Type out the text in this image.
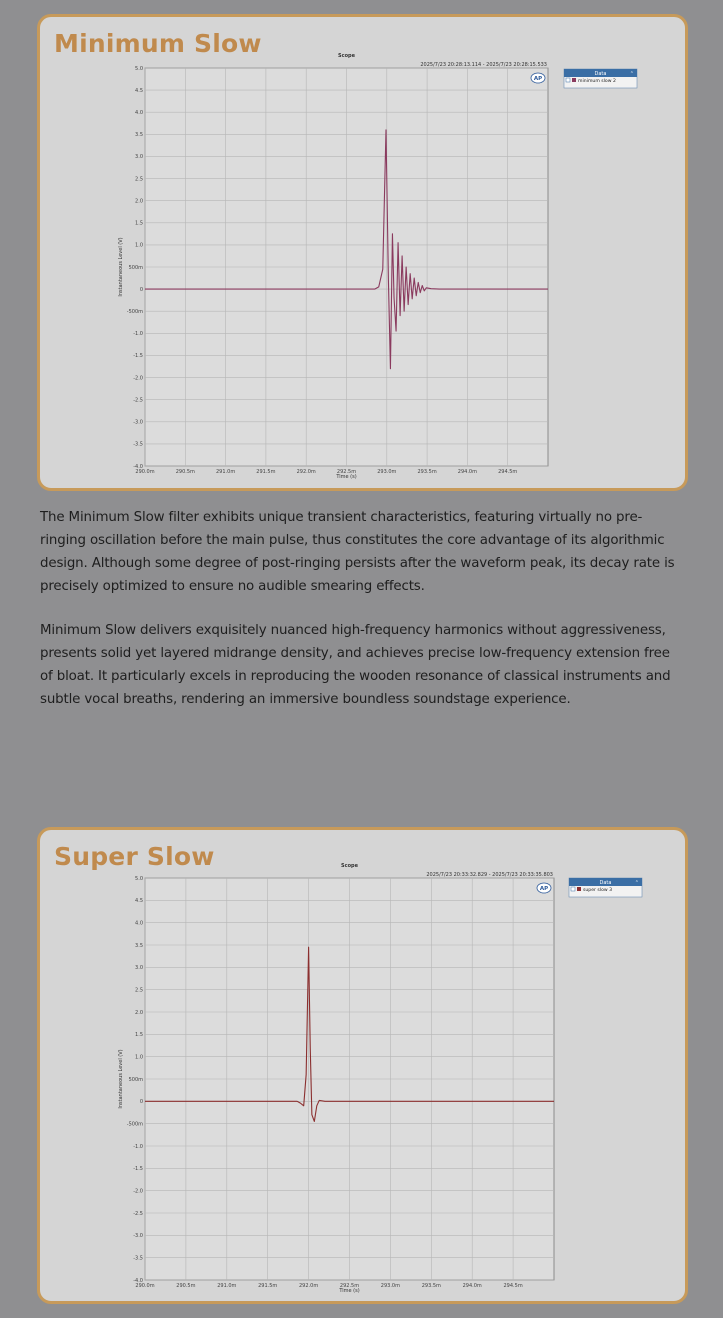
Minimum Slow
5.0
4.5
4.0
3.5
3.0
2.5
2.0
1.5
1.0
500m
0
-500m
-1.0
-1.5
-2.0
-2.5
-3.0
-3.5
-4.0
290.0m	290.5m	291.0m	291.5m	292.0m	292.5m	293.0m	293.5m	294.0m	294.5m
Time (s)
Instantaneous Level (V)
Scope
2025/7/23 20:28:13.114 - 2025/7/23 20:28:15.533
AP
Data	⌃
minimum slow 2

The Minimum Slow filter exhibits unique transient characteristics, featuring virtually no pre-ringing oscillation before the main pulse, thus constitutes the core advantage of its algorithmic design. Although some degree of post-ringing persists after the waveform peak, its decay rate is precisely optimized to ensure no audible smearing effects.

Minimum Slow delivers exquisitely nuanced high-frequency harmonics without aggressiveness, presents solid yet layered midrange density, and achieves precise low-frequency extension free of bloat. It particularly excels in reproducing the wooden resonance of classical instruments and subtle vocal breaths, rendering an immersive boundless soundstage experience.

Super Slow
5.0
4.5
4.0
3.5
3.0
2.5
2.0
1.5
1.0
500m
0
-500m
-1.0
-1.5
-2.0
-2.5
-3.0
-3.5
-4.0
290.0m	290.5m	291.0m	291.5m	292.0m	292.5m	293.0m	293.5m	294.0m	294.5m
Time (s)
Instantaneous Level (V)
Scope
2025/7/23 20:33:32.829 - 2025/7/23 20:33:35.803
AP
Data	⌃
super slow 3
